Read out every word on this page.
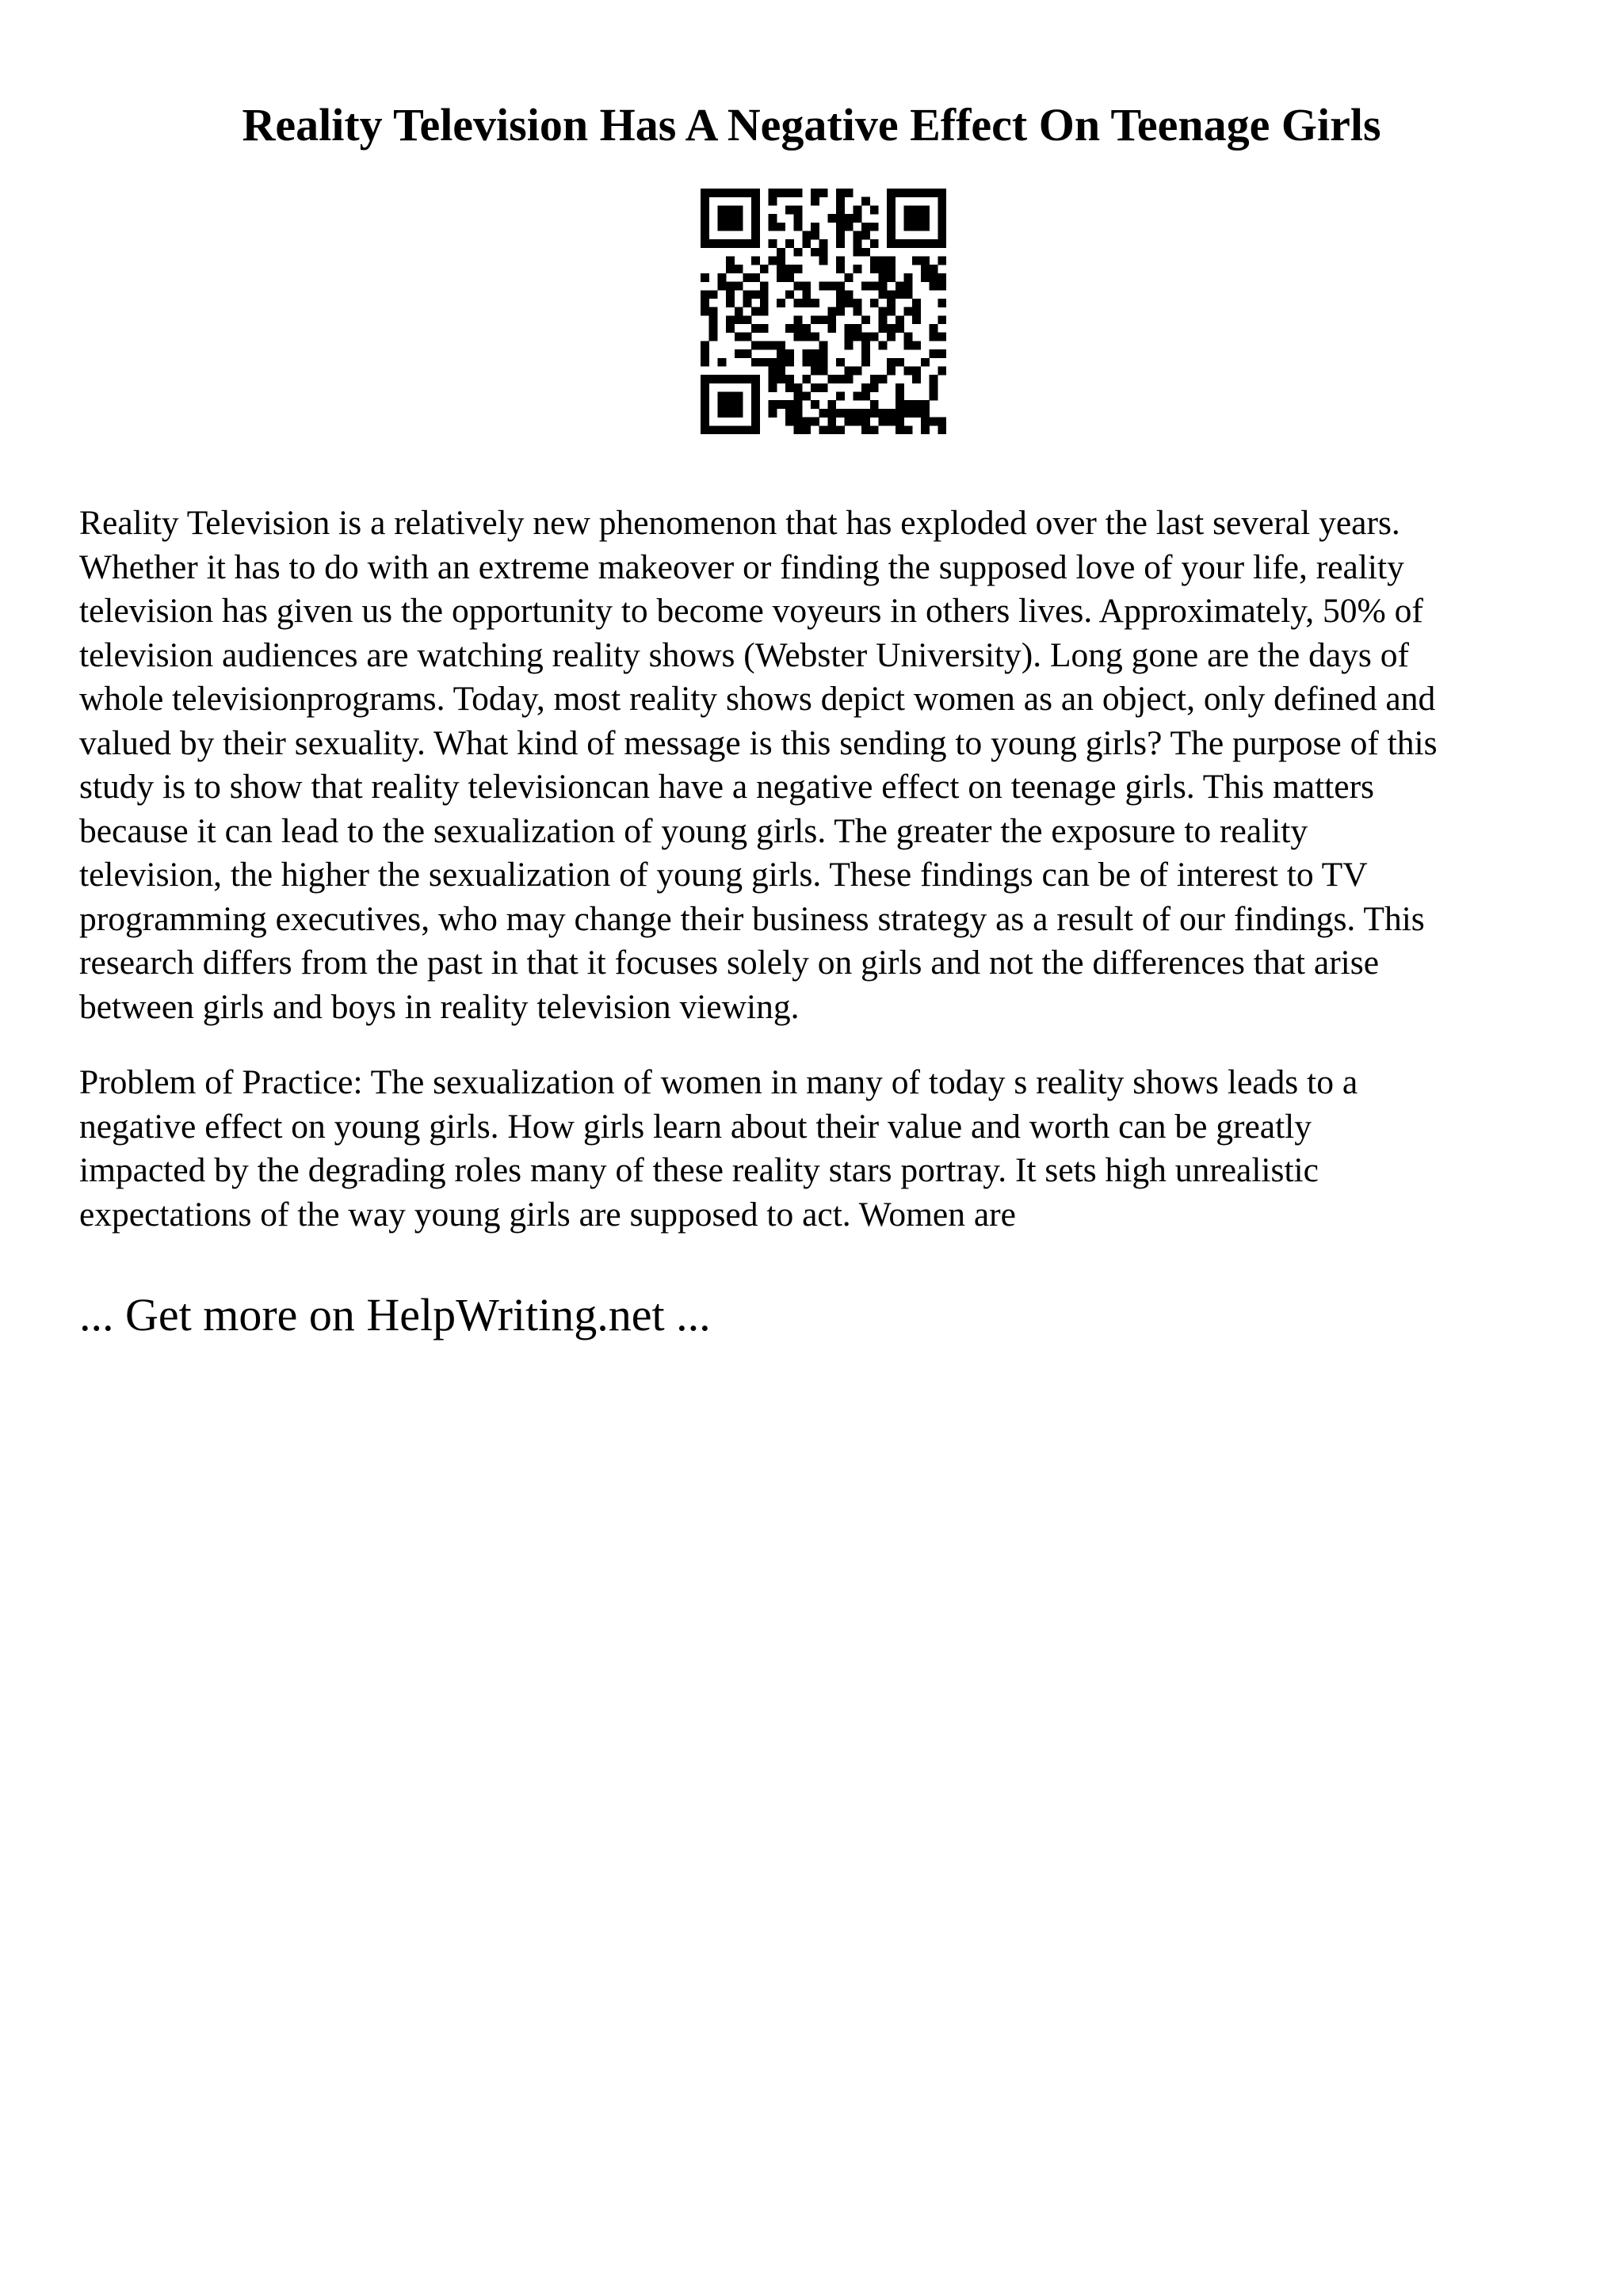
Reality Television Has A Negative Effect On Teenage Girls

Reality Television is a relatively new phenomenon that has exploded over the last several years.
Whether it has to do with an extreme makeover or finding the supposed love of your life, reality
television has given us the opportunity to become voyeurs in others lives. Approximately, 50% of
television audiences are watching reality shows (Webster University). Long gone are the days of
whole televisionprograms. Today, most reality shows depict women as an object, only defined and
valued by their sexuality. What kind of message is this sending to young girls? The purpose of this
study is to show that reality televisioncan have a negative effect on teenage girls. This matters
because it can lead to the sexualization of young girls. The greater the exposure to reality
television, the higher the sexualization of young girls. These findings can be of interest to TV
programming executives, who may change their business strategy as a result of our findings. This
research differs from the past in that it focuses solely on girls and not the differences that arise
between girls and boys in reality television viewing.

Problem of Practice: The sexualization of women in many of today s reality shows leads to a
negative effect on young girls. How girls learn about their value and worth can be greatly
impacted by the degrading roles many of these reality stars portray. It sets high unrealistic
expectations of the way young girls are supposed to act. Women are

... Get more on HelpWriting.net ...
